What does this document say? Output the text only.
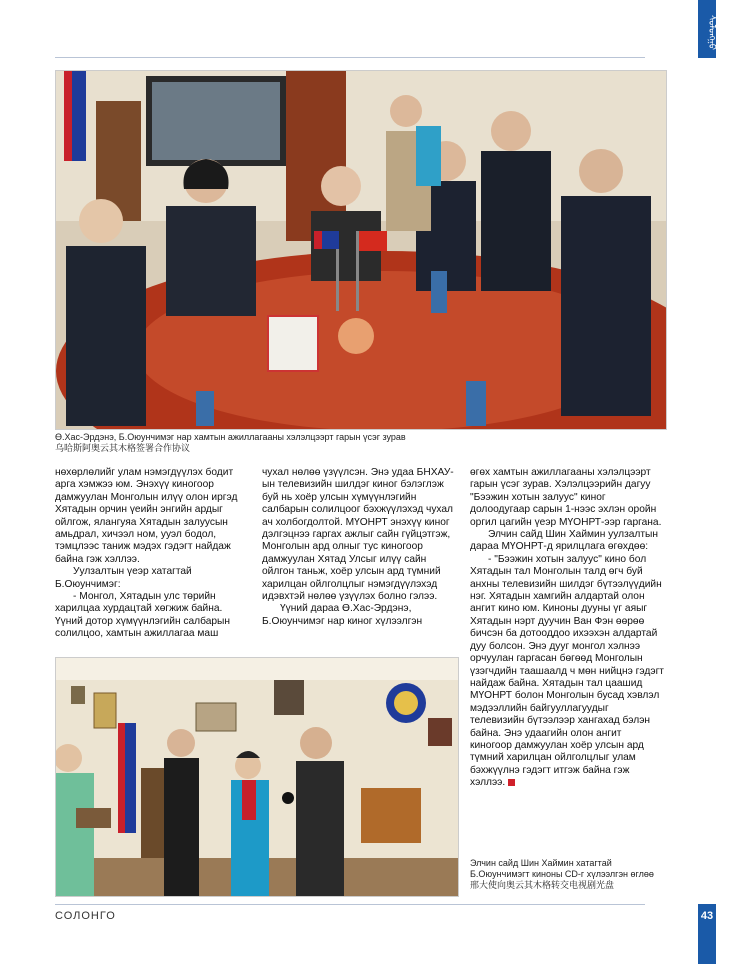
ᠰᠣᠯᠣᠩᠭ᠋ᠣ
Ө.Хас-Эрдэнэ, Б.Оюунчимэг нар хамтын ажиллагааны хэлэлцээрт гарын үсэг зурав
乌哈斯阿奥云其木格签署合作协议

нөхөрлөлийг улам нэмэгдүүлэх бодит арга хэмжээ юм. Энэхүү киногоор дамжуулан Монголын илүү олон иргэд Хятадын орчин үеийн энгийн ардыг ойлгож, ялангуяа Хятадын залуусын амьдрал, хичээл ном, ууэл бодол, тэмцлээс таниж мэдэх гэдэгт найдаж байна гэж хэллээ.

Уулзалтын үеэр хатагтай Б.Оюунчимэг:

- Монгол, Хятадын улс төрийн харилцаа хурдацтай хөгжиж байна. Үүний дотор хүмүүнлэгийн салбарын солилцоо, хамтын ажиллагаа маш

чухал нөлөө үзүүлсэн. Энэ удаа БНХАУ-ын телевизийн шилдэг киног бэлэглэж буй нь хоёр улсын хүмүүнлэгийн салбарын солилцоог бэхжүүлэхэд чухал ач холбогдолтой. МҮОНРТ энэхүү киног дэлгэцнээ гаргах ажлыг сайн гүйцэтгэж, Монголын ард олныг тус киногоор дамжуулан Хятад Улсыг илүү сайн ойлгон таньж, хоёр улсын ард түмний харилцан ойлголцлыг нэмэгдүүлэхэд идэвхтэй нөлөө үзүүлэх болно гэлээ.

Үүний дараа Ө.Хас-Эрдэнэ, Б.Оюунчимэг нар киног хүлээлгэн

өгөх хамтын ажиллагааны хэлэлцээрт гарын үсэг зурав. Хэлэлцээрийн дагуу "Бээжин хотын залуус" киног долоодугаар сарын 1-нээс эхлэн оройн оргил цагийн үеэр МҮОНРТ-ээр гаргана.

Элчин сайд Шин Хаймин уулзалтын дараа МҮОНРТ-д ярилцлага өгөхдөө:

- "Бээжин хотын залуус" кино бол Хятадын тал Монголын талд өгч буй анхны телевизийн шилдэг бүтээлүүдийн нэг. Хятадын хамгийн алдартай олон ангит кино юм. Киноны дууны үг аяыг Хятадын нэрт дуучин Ван Фэн өөрөө бичсэн ба дотооддоо ихээхэн алдартай дуу болсон. Энэ дууг монгол хэлнээ орчуулан гаргасан бөгөөд Монголын үзэгчдийн таашаалд ч мөн нийцнэ гэдэгт найдаж байна. Хятадын тал цаашид МҮОНРТ болон Монголын бусад хэвлэл мэдээллийн байгууллагуудыг телевизийн бүтээлээр хангахад бэлэн байна. Энэ удаагийн олон ангит киногоор дамжуулан хоёр улсын ард түмний харилцан ойлголцлыг улам бэхжүүлнэ гэдэгт итгэж байна гэж хэллээ.

Элчин сайд Шин Хаймин хатагтай Б.Оюунчимэгт киноны CD-г хүлээлгэн өглөө
邢大使向奥云其木格转交电视剧光盘
СОЛОНГО	43
